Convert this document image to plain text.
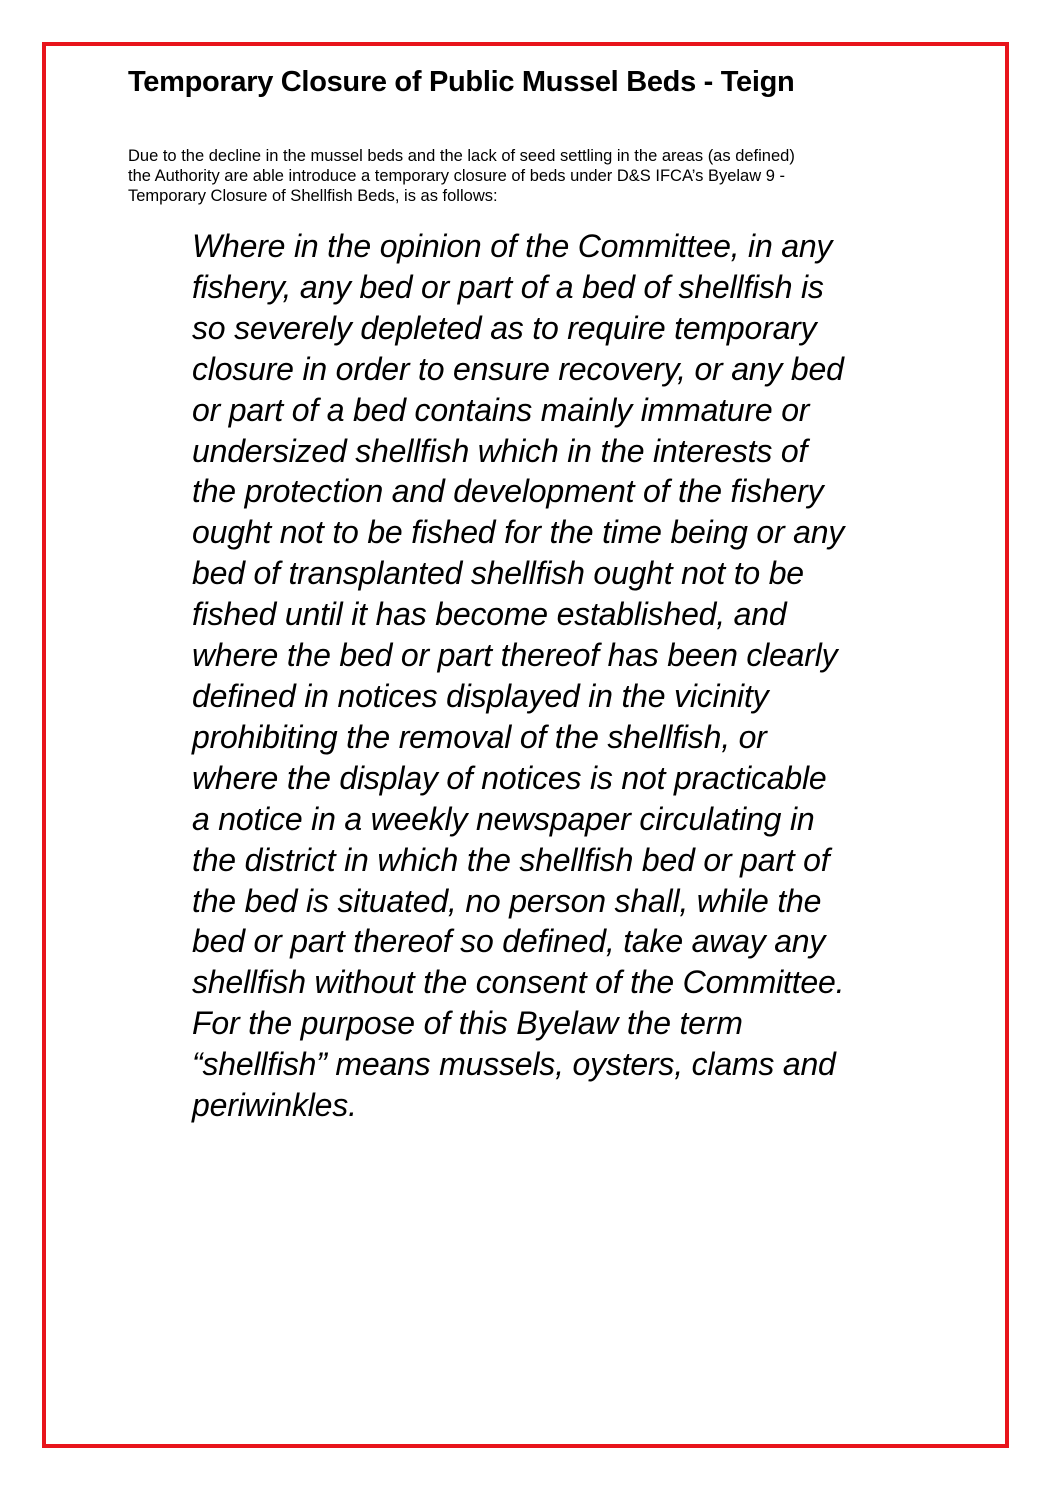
Temporary Closure of Public Mussel Beds - Teign
Due to the decline in the mussel beds and the lack of seed settling in the areas (as defined)
the Authority are able introduce a temporary closure of beds under D&S IFCA’s Byelaw 9 -
Temporary Closure of Shellfish Beds, is as follows:
Where in the opinion of the Committee, in any
fishery, any bed or part of a bed of shellfish is
so severely depleted as to require temporary
closure in order to ensure recovery, or any bed
or part of a bed contains mainly immature or
undersized shellfish which in the interests of
the protection and development of the fishery
ought not to be fished for the time being or any
bed of transplanted shellfish ought not to be
fished until it has become established, and
where the bed or part thereof has been clearly
defined in notices displayed in the vicinity
prohibiting the removal of the shellfish, or
where the display of notices is not practicable
a notice in a weekly newspaper circulating in
the district in which the shellfish bed or part of
the bed is situated, no person shall, while the
bed or part thereof so defined, take away any
shellfish without the consent of the Committee.
For the purpose of this Byelaw the term
“shellfish” means mussels, oysters, clams and
periwinkles.
